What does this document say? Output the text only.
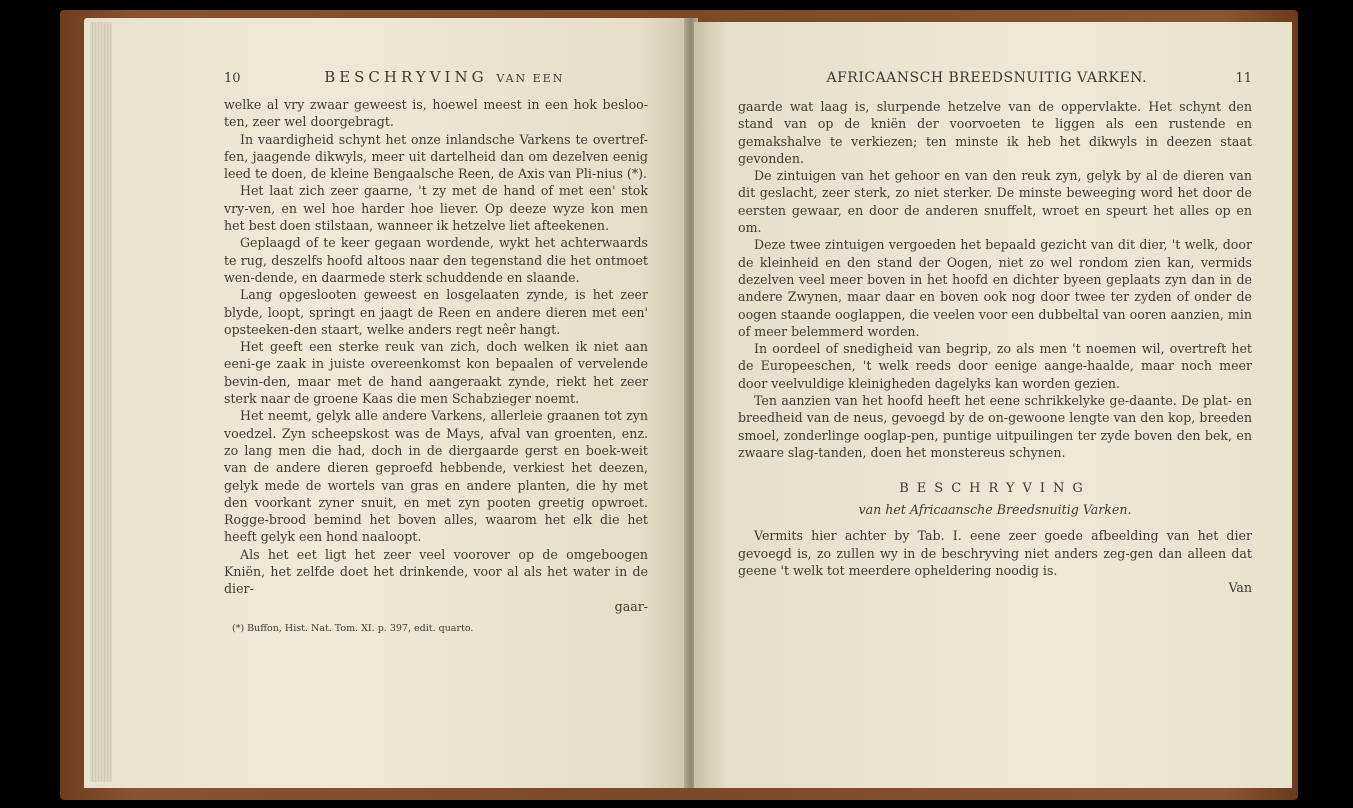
10	BESCHRYVING VAN EEN

welke al vry zwaar geweest is, hoewel meest in een hok besloo-ten, zeer wel doorgebragt.

In vaardigheid schynt het onze inlandsche Varkens te overtref-fen, jaagende dikwyls, meer uit dartelheid dan om dezelven eenig leed te doen, de kleine Bengaalsche Reen, de Axis van Pli-nius (*).

Het laat zich zeer gaarne, 't zy met de hand of met een' stok vry-ven, en wel hoe harder hoe liever. Op deeze wyze kon men het best doen stilstaan, wanneer ik hetzelve liet afteekenen.

Geplaagd of te keer gegaan wordende, wykt het achterwaards te rug, deszelfs hoofd altoos naar den tegenstand die het ontmoet wen-dende, en daarmede sterk schuddende en slaande.

Lang opgeslooten geweest en losgelaaten zynde, is het zeer blyde, loopt, springt en jaagt de Reen en andere dieren met een' opsteeken-den staart, welke anders regt neêr hangt.

Het geeft een sterke reuk van zich, doch welken ik niet aan eeni-ge zaak in juiste overeenkomst kon bepaalen of vervelende bevin-den, maar met de hand aangeraakt zynde, riekt het zeer sterk naar de groene Kaas die men Schabzieger noemt.

Het neemt, gelyk alle andere Varkens, allerleie graanen tot zyn voedzel. Zyn scheepskost was de Mays, afval van groenten, enz. zo lang men die had, doch in de diergaarde gerst en boek-weit van de andere dieren geproefd hebbende, verkiest het deezen, gelyk mede de wortels van gras en andere planten, die hy met den voorkant zyner snuit, en met zyn pooten greetig opwroet. Rogge-brood bemind het boven alles, waarom het elk die het heeft gelyk een hond naaloopt.

Als het eet ligt het zeer veel voorover op de omgeboogen Kniën, het zelfde doet het drinkende, voor al als het water in de dier-

gaar-

(*) Buffon, Hist. Nat. Tom. XI. p. 397, edit. quarto.
AFRICAANSCH BREEDSNUITIG VARKEN.	11

gaarde wat laag is, slurpende hetzelve van de oppervlakte. Het schynt den stand van op de kniën der voorvoeten te liggen als een rustende en gemakshalve te verkiezen; ten minste ik heb het dikwyls in deezen staat gevonden.

De zintuigen van het gehoor en van den reuk zyn, gelyk by al de dieren van dit geslacht, zeer sterk, zo niet sterker. De minste beweeging word het door de eersten gewaar, en door de anderen snuffelt, wroet en speurt het alles op en om.

Deze twee zintuigen vergoeden het bepaald gezicht van dit dier, 't welk, door de kleinheid en den stand der Oogen, niet zo wel rondom zien kan, vermids dezelven veel meer boven in het hoofd en dichter byeen geplaats zyn dan in de andere Zwynen, maar daar en boven ook nog door twee ter zyden of onder de oogen staande ooglappen, die veelen voor een dubbeltal van ooren aanzien, min of meer belemmerd worden.

In oordeel of snedigheid van begrip, zo als men 't noemen wil, overtreft het de Europeeschen, 't welk reeds door eenige aange-haalde, maar noch meer door veelvuldige kleinigheden dagelyks kan worden gezien.

Ten aanzien van het hoofd heeft het eene schrikkelyke ge-daante. De plat- en breedheid van de neus, gevoegd by de on-gewoone lengte van den kop, breeden smoel, zonderlinge ooglap-pen, puntige uitpuilingen ter zyde boven den bek, en zwaare slag-tanden, doen het monstereus schynen.

BESCHRYVING

van het Africaansche Breedsnuitig Varken.

Vermits hier achter by Tab. I. eene zeer goede afbeelding van het dier gevoegd is, zo zullen wy in de beschryving niet anders zeg-gen dan alleen dat geene 't welk tot meerdere opheldering noodig is.

Van
